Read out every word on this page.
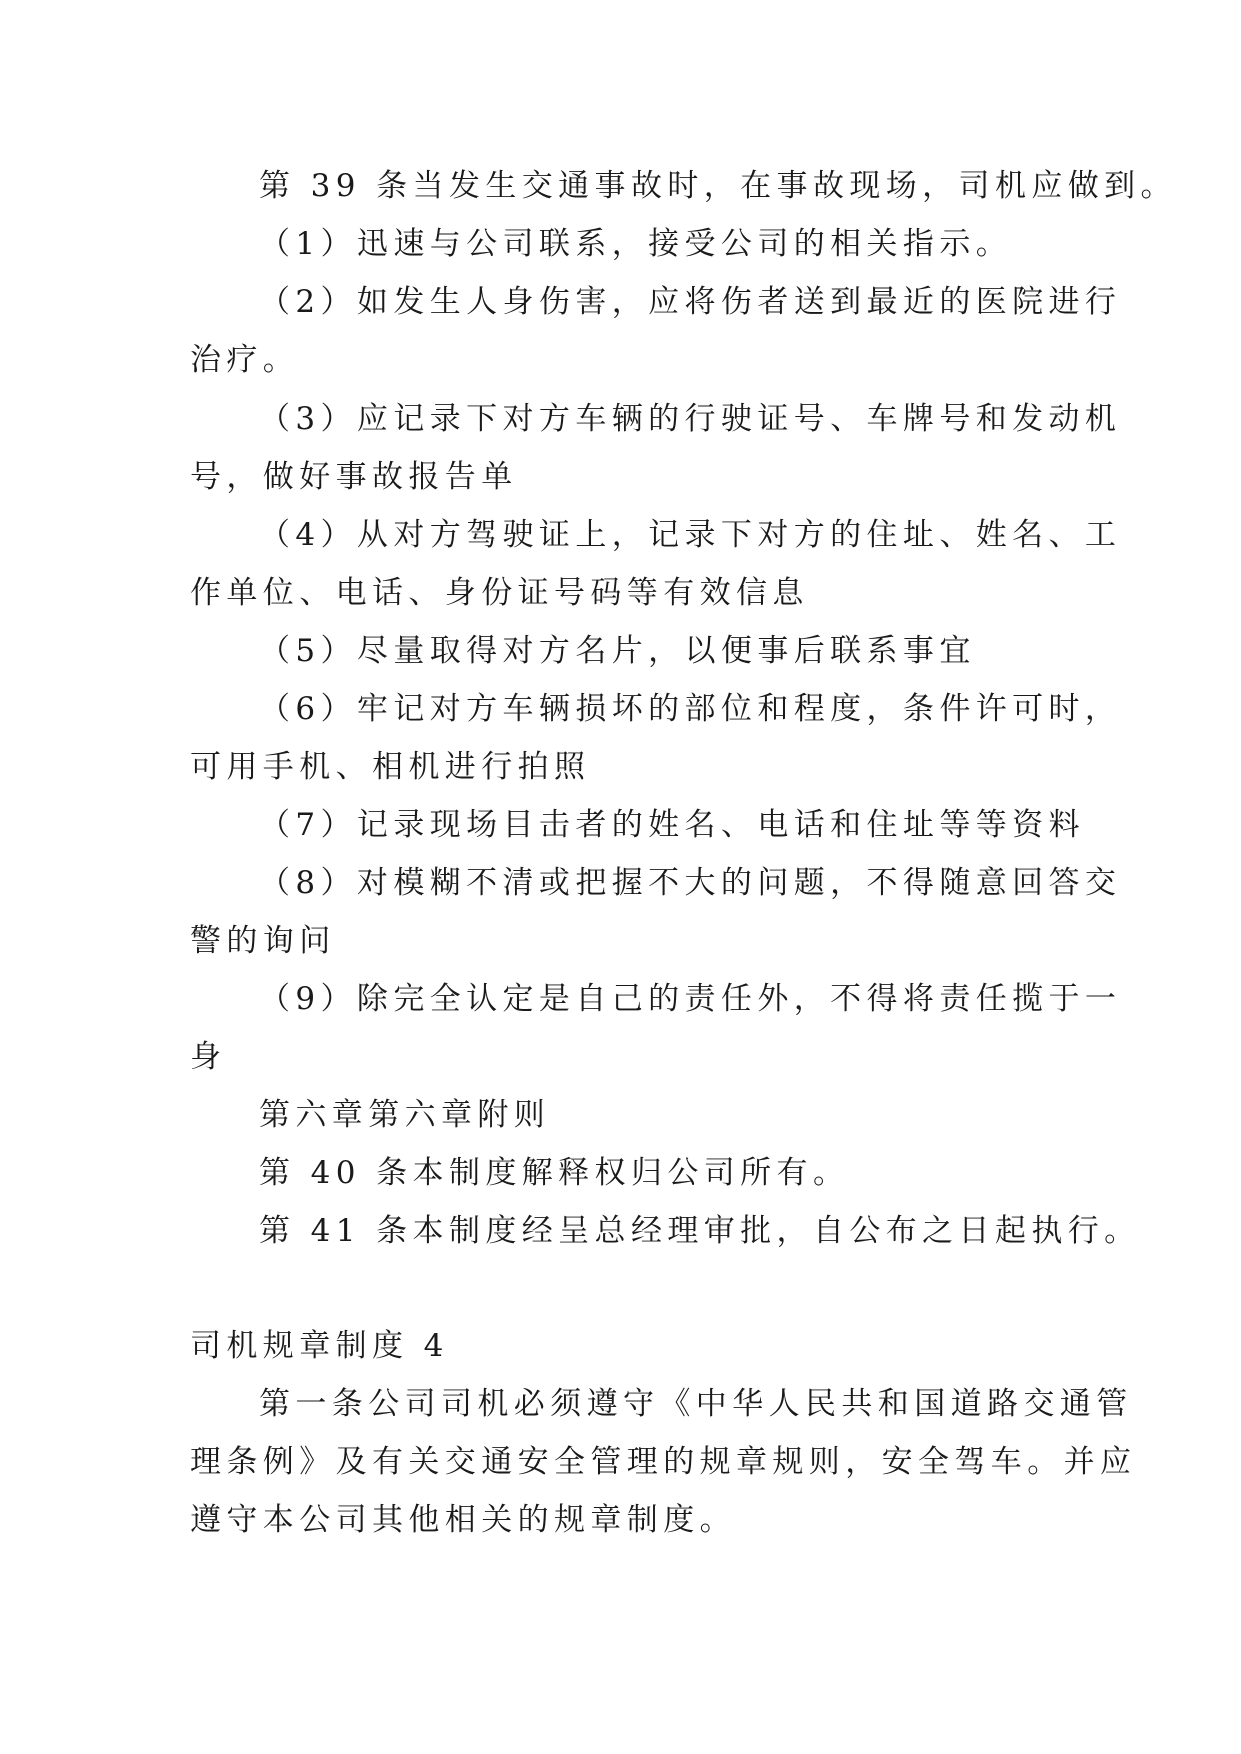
第 39 条当发生交通事故时，在事故现场，司机应做到。
（1）迅速与公司联系，接受公司的相关指示。
（2）如发生人身伤害，应将伤者送到最近的医院进行
治疗。
（3）应记录下对方车辆的行驶证号、车牌号和发动机
号，做好事故报告单
（4）从对方驾驶证上，记录下对方的住址、姓名、工
作单位、电话、身份证号码等有效信息
（5）尽量取得对方名片，以便事后联系事宜
（6）牢记对方车辆损坏的部位和程度，条件许可时，
可用手机、相机进行拍照
（7）记录现场目击者的姓名、电话和住址等等资料
（8）对模糊不清或把握不大的问题，不得随意回答交
警的询问
（9）除完全认定是自己的责任外，不得将责任揽于一
身
第六章第六章附则
第 40 条本制度解释权归公司所有。
第 41 条本制度经呈总经理审批，自公布之日起执行。
司机规章制度 4
第一条公司司机必须遵守《中华人民共和国道路交通管
理条例》及有关交通安全管理的规章规则，安全驾车。并应
遵守本公司其他相关的规章制度。
